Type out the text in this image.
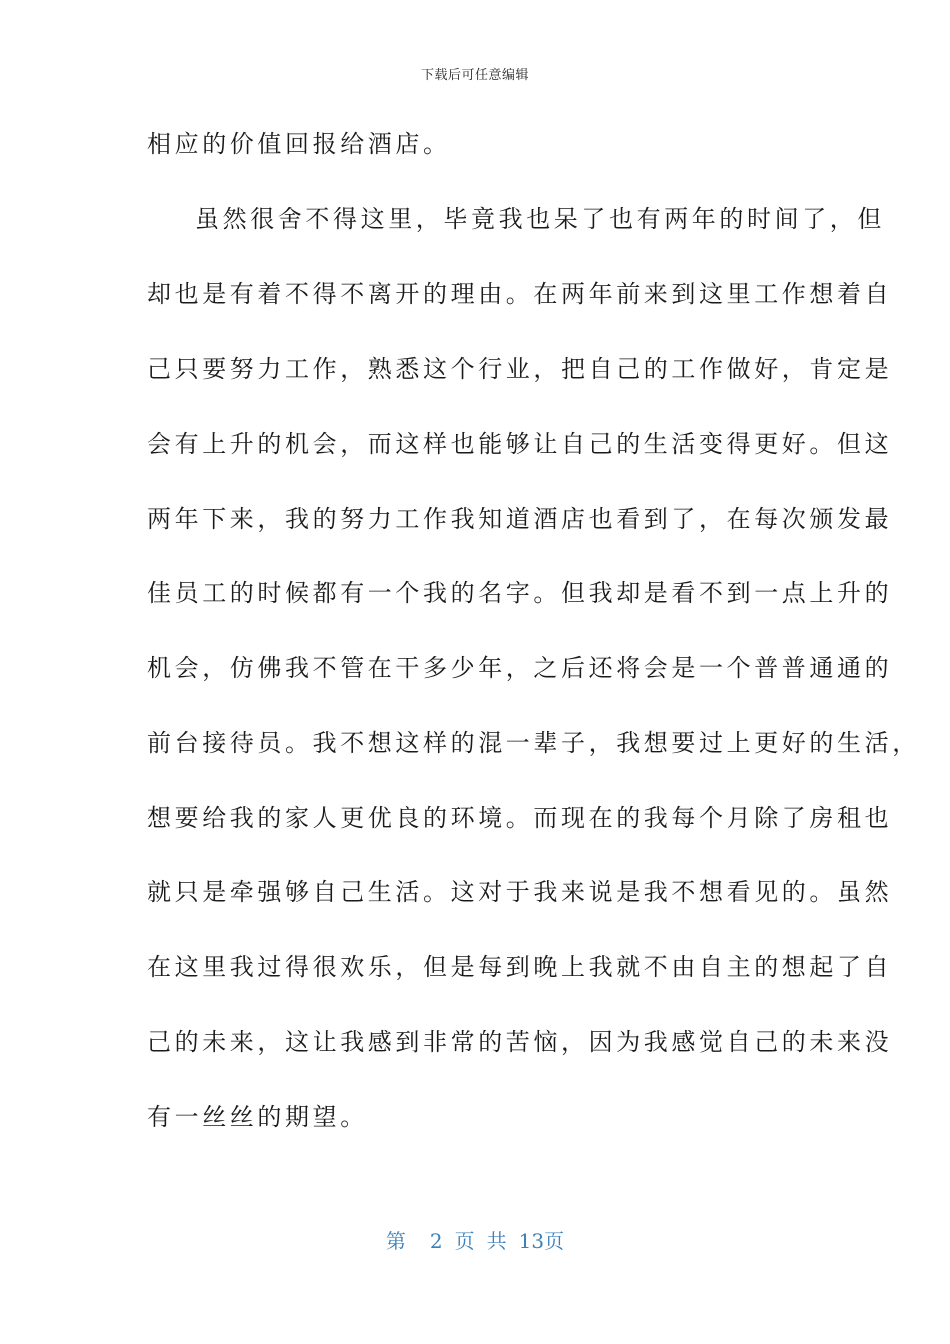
下载后可任意编辑
相应的价值回报给酒店。
虽然很舍不得这里，毕竟我也呆了也有两年的时间了，但
却也是有着不得不离开的理由。在两年前来到这里工作想着自
己只要努力工作，熟悉这个行业，把自己的工作做好，肯定是
会有上升的机会，而这样也能够让自己的生活变得更好。但这
两年下来，我的努力工作我知道酒店也看到了，在每次颁发最
佳员工的时候都有一个我的名字。但我却是看不到一点上升的
机会，仿佛我不管在干多少年，之后还将会是一个普普通通的
前台接待员。我不想这样的混一辈子，我想要过上更好的生活，
想要给我的家人更优良的环境。而现在的我每个月除了房租也
就只是牵强够自己生活。这对于我来说是我不想看见的。虽然
在这里我过得很欢乐，但是每到晚上我就不由自主的想起了自
己的未来，这让我感到非常的苦恼，因为我感觉自己的未来没
有一丝丝的期望。
第 2 页 共 13页
